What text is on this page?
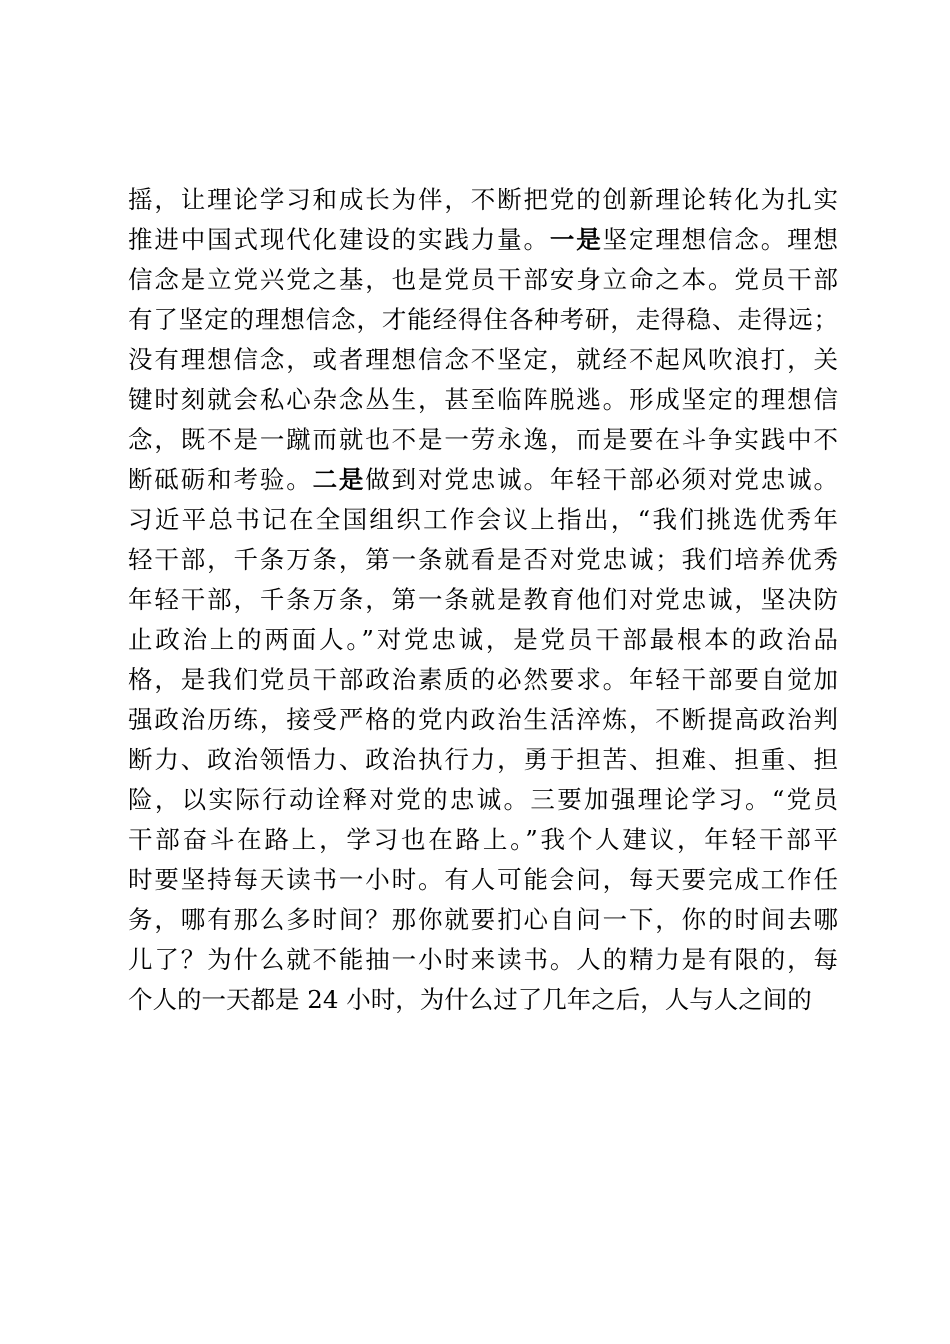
摇，让理论学习和成长为伴，不断把党的创新理论转化为扎实
推进中国式现代化建设的实践力量。一是坚定理想信念。理想
信念是立党兴党之基，也是党员干部安身立命之本。党员干部
有了坚定的理想信念，才能经得住各种考研，走得稳、走得远；
没有理想信念，或者理想信念不坚定，就经不起风吹浪打，关
键时刻就会私心杂念丛生，甚至临阵脱逃。形成坚定的理想信
念，既不是一蹴而就也不是一劳永逸，而是要在斗争实践中不
断砥砺和考验。二是做到对党忠诚。年轻干部必须对党忠诚。
习近平总书记在全国组织工作会议上指出，“我们挑选优秀年
轻干部，千条万条，第一条就看是否对党忠诚；我们培养优秀
年轻干部，千条万条，第一条就是教育他们对党忠诚，坚决防
止政治上的两面人。”对党忠诚，是党员干部最根本的政治品
格，是我们党员干部政治素质的必然要求。年轻干部要自觉加
强政治历练，接受严格的党内政治生活淬炼，不断提高政治判
断力、政治领悟力、政治执行力，勇于担苦、担难、担重、担
险，以实际行动诠释对党的忠诚。三要加强理论学习。“党员
干部奋斗在路上，学习也在路上。”我个人建议，年轻干部平
时要坚持每天读书一小时。有人可能会问，每天要完成工作任
务，哪有那么多时间？那你就要扪心自问一下，你的时间去哪
儿了？为什么就不能抽一小时来读书。人的精力是有限的，每
个人的一天都是 24 小时，为什么过了几年之后，人与人之间的
